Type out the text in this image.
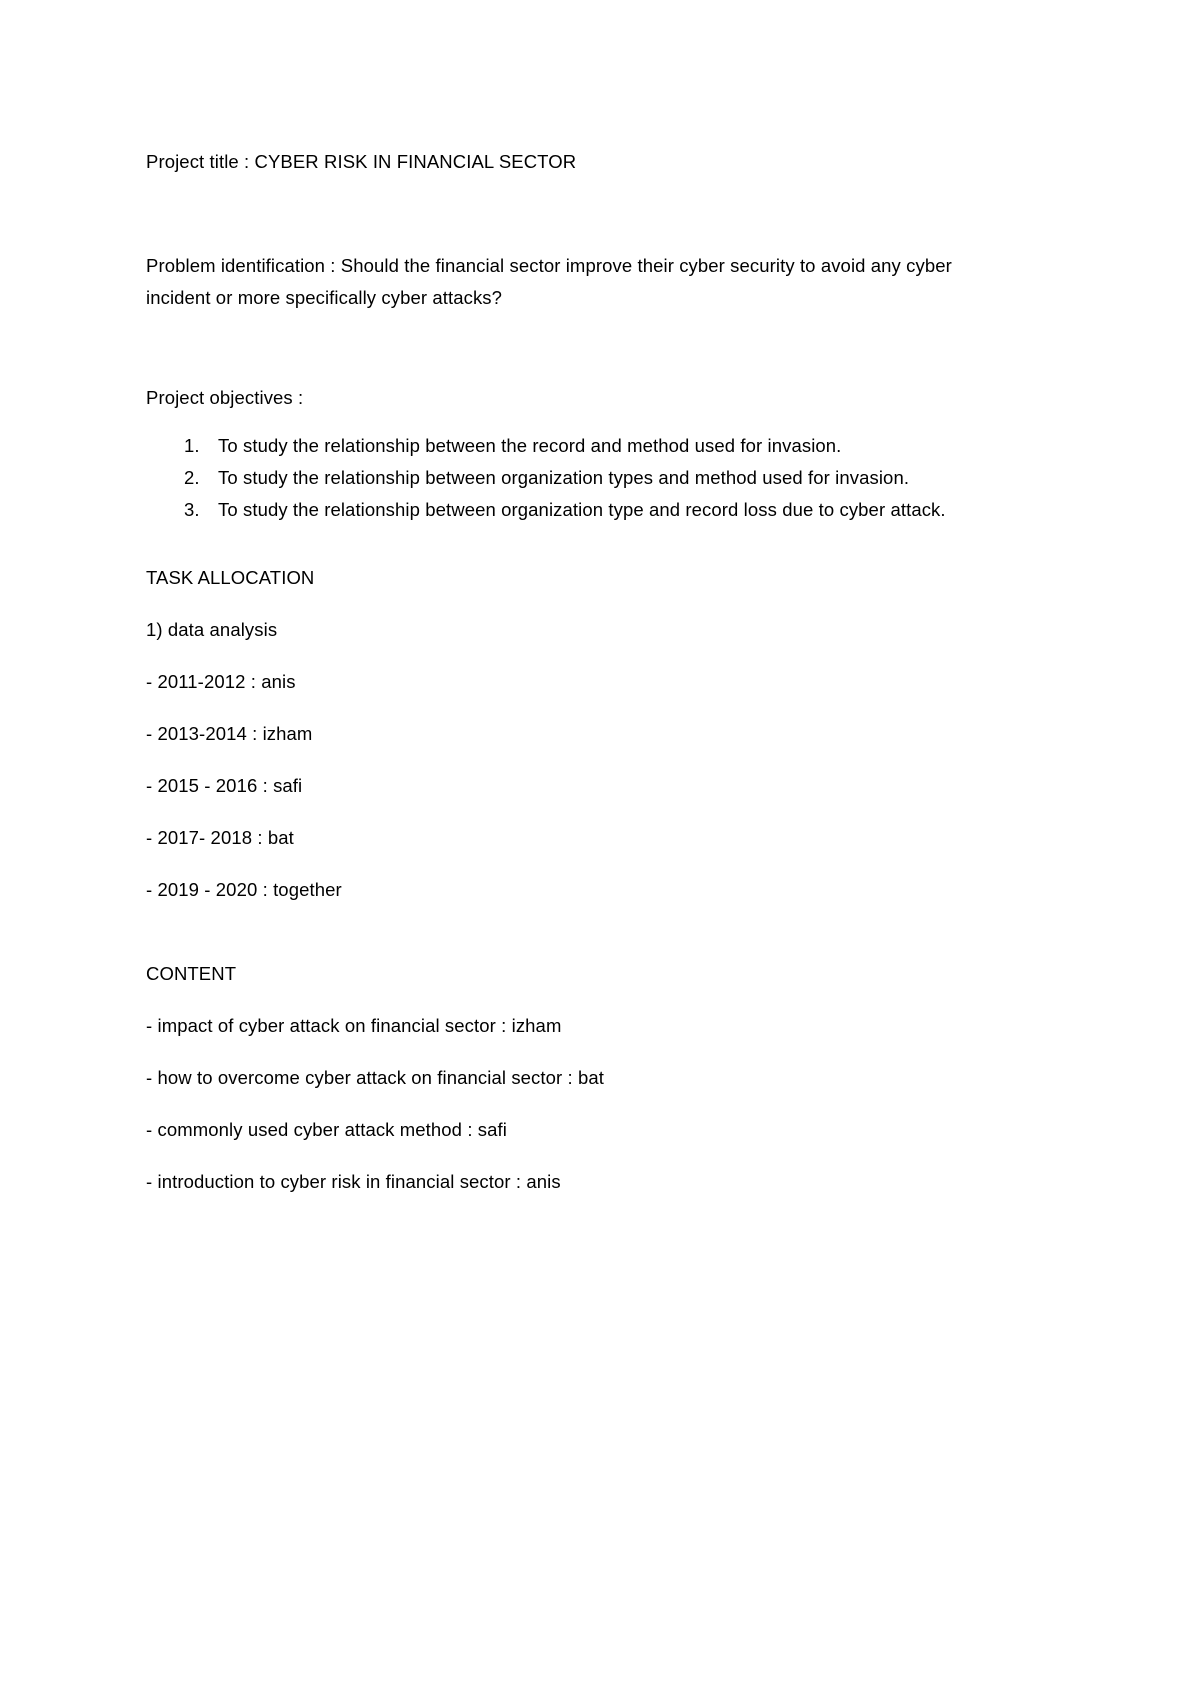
Project title : CYBER RISK IN FINANCIAL SECTOR

Problem identification : Should the financial sector improve their cyber security to avoid any cyber

incident or more specifically cyber attacks?

Project objectives :

1. To study the relationship between the record and method used for invasion.
2. To study the relationship between organization types and method used for invasion.
3. To study the relationship between organization type and record loss due to cyber attack.

TASK ALLOCATION

1) data analysis

- 2011-2012 : anis

- 2013-2014 : izham

- 2015 - 2016 : safi

- 2017- 2018 : bat

- 2019 - 2020 : together

CONTENT

- impact of cyber attack on financial sector : izham

- how to overcome cyber attack on financial sector : bat

- commonly used cyber attack method : safi

- introduction to cyber risk in financial sector : anis
